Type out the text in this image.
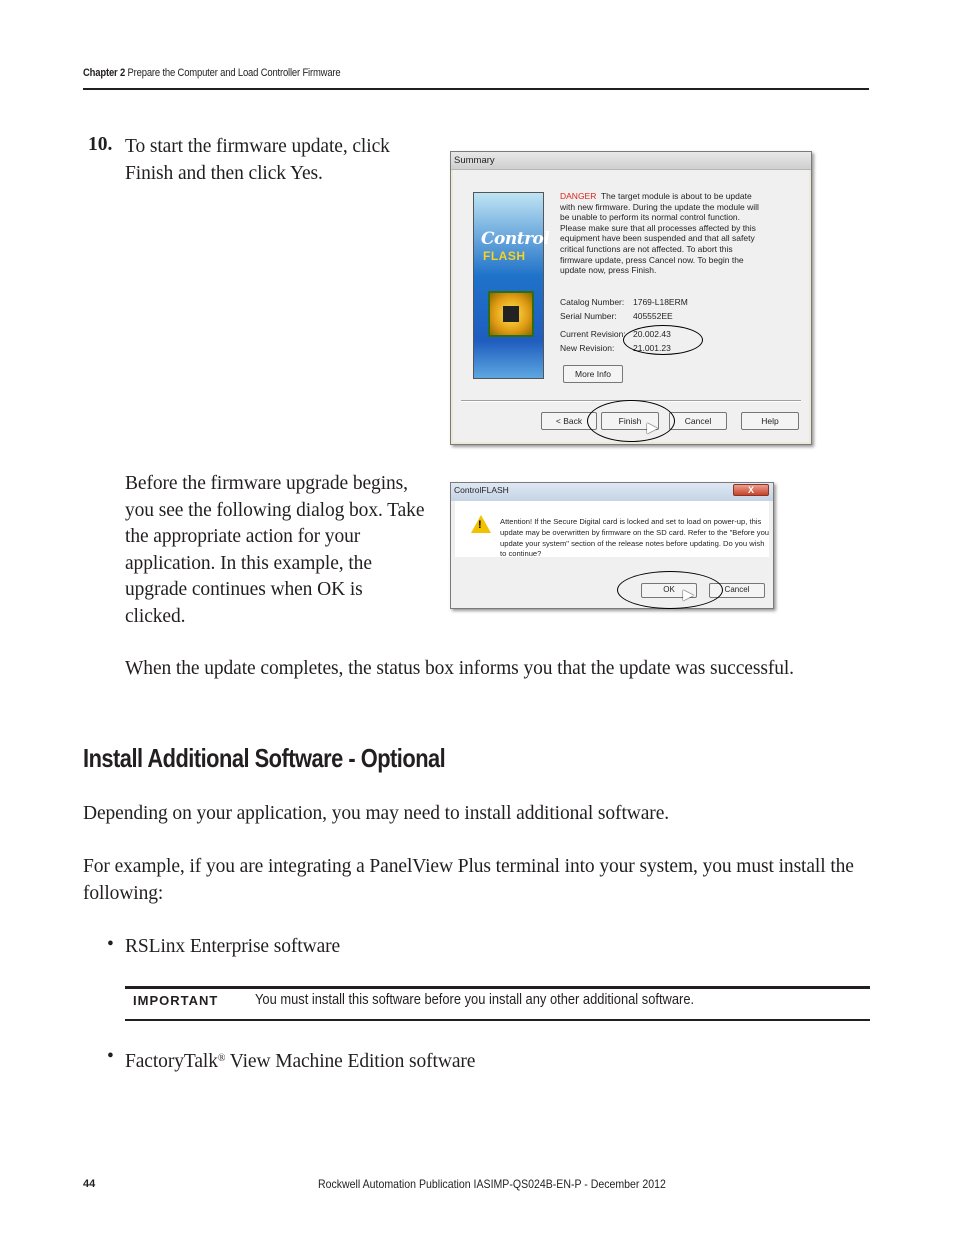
Chapter 2 Prepare the Computer and Load Controller Firmware
10. To start the firmware update, click Finish and then click Yes.
Summary
Control
FLASH
DANGER The target module is about to be update with new firmware. During the update the module will be unable to perform its normal control function. Please make sure that all processes affected by this equipment have been suspended and that all safety critical functions are not affected. To abort this firmware update, press Cancel now. To begin the update now, press Finish.
Catalog Number: 1769-L18ERM
Serial Number: 405552EE
Current Revision: 20.002.43
New Revision: 21.001.23
More Info
< Back	Finish	Cancel	Help
▶
Before the firmware upgrade begins, you see the following dialog box. Take the appropriate action for your application. In this example, the upgrade continues when OK is clicked.
ControlFLASH	X
! Attention! If the Secure Digital card is locked and set to load on power-up, this update may be overwritten by firmware on the SD card. Refer to the "Before you update your system" section of the release notes before updating. Do you wish to continue?
OK	Cancel
▶
When the update completes, the status box informs you that the update was successful.
Install Additional Software - Optional
Depending on your application, you may need to install additional software.
For example, if you are integrating a PanelView Plus terminal into your system, you must install the following:
• RSLinx Enterprise software
IMPORTANT You must install this software before you install any other additional software.
• FactoryTalk® View Machine Edition software
44	Rockwell Automation Publication IASIMP-QS024B-EN-P - December 2012
